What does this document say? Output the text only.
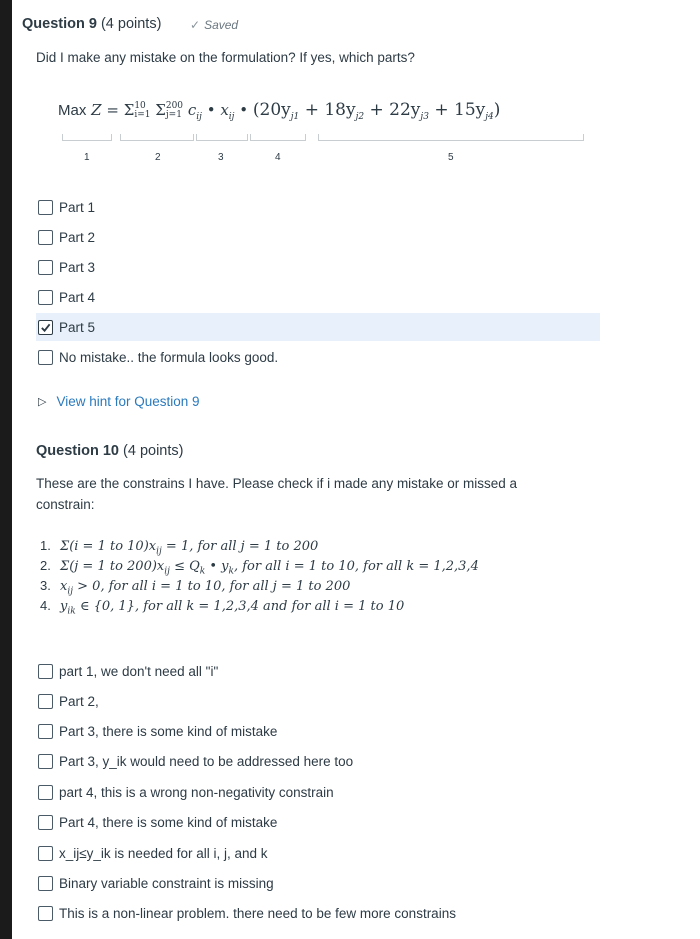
Question 9 (4 points) ✓ Saved
Did I make any mistake on the formulation? If yes, which parts?
Max Z = Σ 10
i=1 Σ 200
j=1 $c_{ij}$ • $x_{ij}$ • $(20y_{j1} + 18y_{j2} + 22y_{j3} + 15y_{j4})$
1	2	3	4	5
Part 1
Part 2
Part 3
Part 4
Part 5
No mistake.. the formula looks good.
▷ View hint for Question 9
Question 10 (4 points)
These are the constrains I have. Please check if i made any mistake or missed a constrain:
1. Σ(i = 1 to $10)x_{ij} = 1$, for all j = 1 to 200
2. Σ(j = 1 to $200)x_{ij} \le Q_k$ • $y_k$, for all i = 1 to 10, for all k = 1,2,3,4
3. $x_{ij} > 0$, for all i = 1 to 10, for all j = 1 to 200
4. $y_{ik}$ ∈ {0, 1}, for all k = 1,2,3,4 and for all i = 1 to 10
part 1, we don't need all "i"
Part 2,
Part 3, there is some kind of mistake
Part 3, y_ik would need to be addressed here too
part 4, this is a wrong non-negativity constrain
Part 4, there is some kind of mistake
x_ij≤y_ik is needed for all i, j, and k
Binary variable constraint is missing
This is a non-linear problem. there need to be few more constrains
